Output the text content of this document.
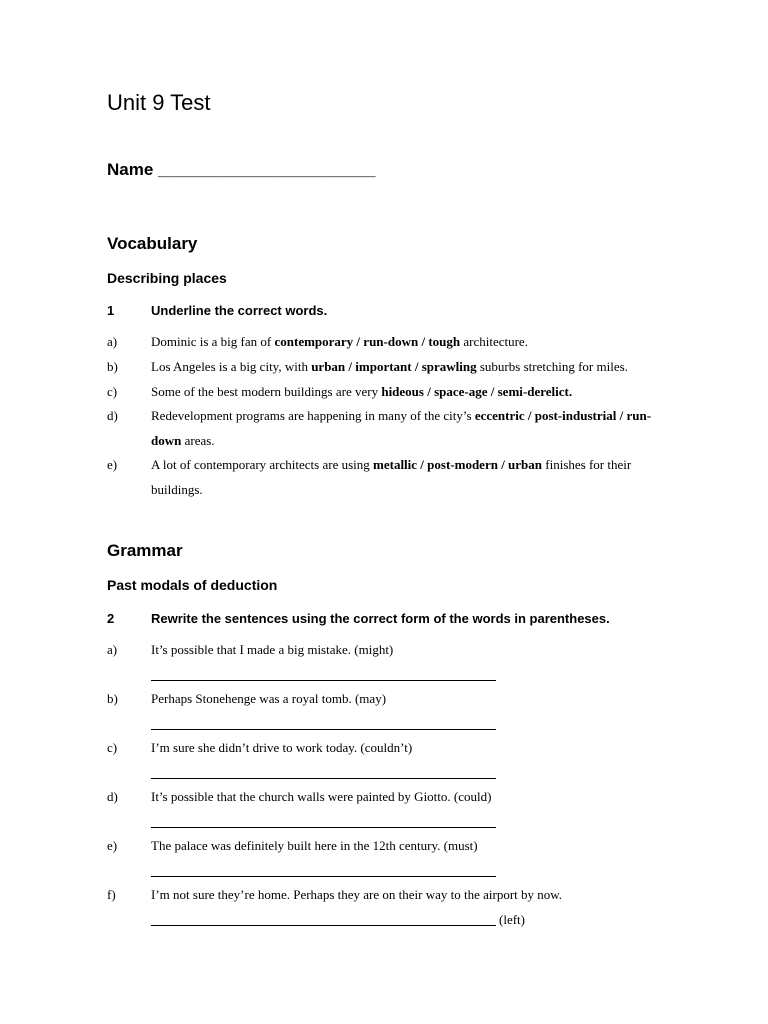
Unit 9 Test
Name _______________________
Vocabulary
Describing places
1	Underline the correct words.
a)	Dominic is a big fan of contemporary / run-down / tough architecture.
b)	Los Angeles is a big city, with urban / important / sprawling suburbs stretching for miles.
c)	Some of the best modern buildings are very hideous / space-age / semi-derelict.
d)	Redevelopment programs are happening in many of the city’s eccentric / post-industrial / run-down areas.
e)	A lot of contemporary architects are using metallic / post-modern / urban finishes for their buildings.
Grammar
Past modals of deduction
2	Rewrite the sentences using the correct form of the words in parentheses.
a)	It’s possible that I made a big mistake. (might)
b)	Perhaps Stonehenge was a royal tomb. (may)
c)	I’m sure she didn’t drive to work today. (couldn’t)
d)	It’s possible that the church walls were painted by Giotto. (could)
e)	The palace was definitely built here in the 12th century. (must)
f)	I’m not sure they’re home. Perhaps they are on their way to the airport by now.
(left)
